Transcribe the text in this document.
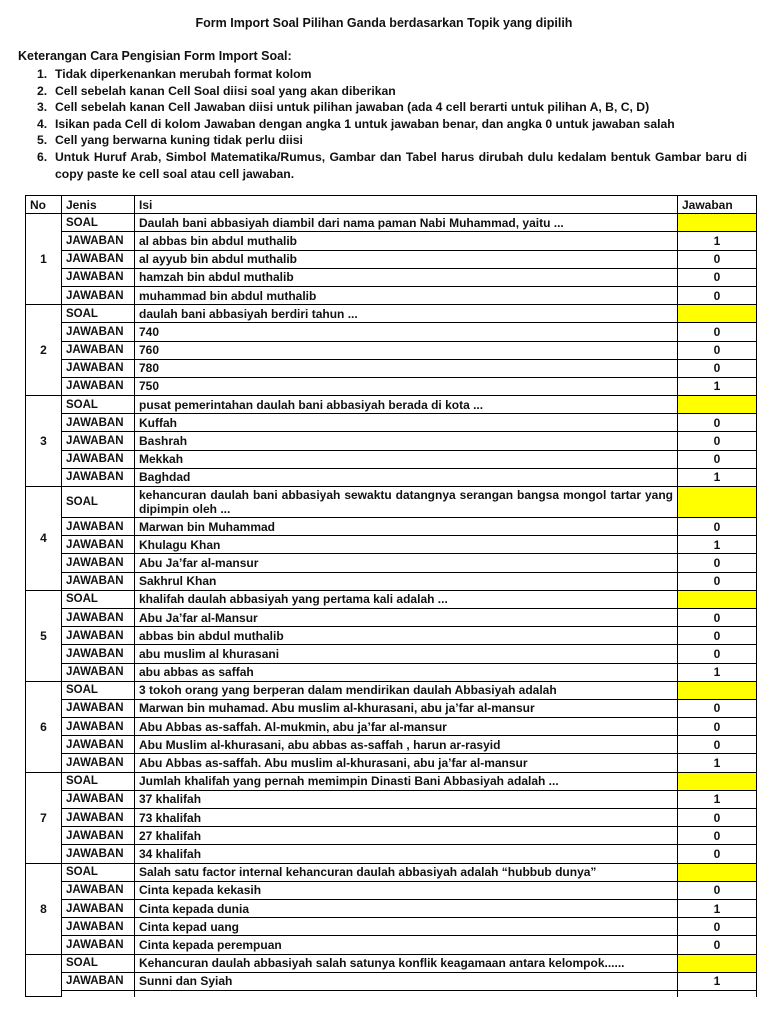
Form Import Soal Pilihan Ganda berdasarkan Topik yang dipilih
Keterangan Cara Pengisian Form Import Soal:
1. Tidak diperkenankan merubah format kolom
2. Cell sebelah kanan Cell Soal diisi soal yang akan diberikan
3. Cell sebelah kanan Cell Jawaban diisi untuk pilihan jawaban (ada 4 cell berarti untuk pilihan A, B, C, D)
4. Isikan pada Cell di kolom Jawaban dengan angka 1 untuk jawaban benar, dan angka 0 untuk jawaban salah
5. Cell yang berwarna kuning tidak perlu diisi
6. Untuk Huruf Arab, Simbol Matematika/Rumus, Gambar dan Tabel harus dirubah dulu kedalam bentuk Gambar baru di copy paste ke cell soal atau cell jawaban.
No	Jenis	Isi	Jawaban
1	SOAL	Daulah bani abbasiyah diambil dari nama paman Nabi Muhammad, yaitu ...	
	JAWABAN	al abbas bin abdul muthalib	1
	JAWABAN	al ayyub bin abdul muthalib	0
	JAWABAN	hamzah bin abdul muthalib	0
	JAWABAN	muhammad bin abdul muthalib	0
2	SOAL	daulah bani abbasiyah berdiri tahun ...	
	JAWABAN	740	0
	JAWABAN	760	0
	JAWABAN	780	0
	JAWABAN	750	1
3	SOAL	pusat pemerintahan daulah bani abbasiyah berada di kota ...	
	JAWABAN	Kuffah	0
	JAWABAN	Bashrah	0
	JAWABAN	Mekkah	0
	JAWABAN	Baghdad	1
4	SOAL	kehancuran daulah bani abbasiyah sewaktu datangnya serangan bangsa mongol tartar yang dipimpin oleh ...	
	JAWABAN	Marwan bin Muhammad	0
	JAWABAN	Khulagu Khan	1
	JAWABAN	Abu Ja’far al-mansur	0
	JAWABAN	Sakhrul Khan	0
5	SOAL	khalifah daulah abbasiyah yang pertama kali adalah ...	
	JAWABAN	Abu Ja’far al-Mansur	0
	JAWABAN	abbas bin abdul muthalib	0
	JAWABAN	abu muslim al khurasani	0
	JAWABAN	abu abbas as saffah	1
6	SOAL	3 tokoh orang yang berperan dalam mendirikan daulah Abbasiyah adalah	
	JAWABAN	Marwan bin muhamad. Abu muslim al-khurasani, abu ja’far al-mansur	0
	JAWABAN	Abu Abbas as-saffah. Al-mukmin, abu ja’far al-mansur	0
	JAWABAN	Abu Muslim al-khurasani, abu abbas as-saffah , harun ar-rasyid	0
	JAWABAN	Abu Abbas as-saffah. Abu muslim al-khurasani, abu ja’far al-mansur	1
7	SOAL	Jumlah khalifah yang pernah memimpin Dinasti Bani Abbasiyah adalah ...	
	JAWABAN	37 khalifah	1
	JAWABAN	73 khalifah	0
	JAWABAN	27 khalifah	0
	JAWABAN	34 khalifah	0
8	SOAL	Salah satu factor internal kehancuran daulah abbasiyah adalah “hubbub dunya”	
	JAWABAN	Cinta kepada kekasih	0
	JAWABAN	Cinta kepada dunia	1
	JAWABAN	Cinta kepad uang	0
	JAWABAN	Cinta kepada perempuan	0
	SOAL	Kehancuran daulah abbasiyah salah satunya konflik keagamaan antara kelompok......	
	JAWABAN	Sunni dan Syiah	1
